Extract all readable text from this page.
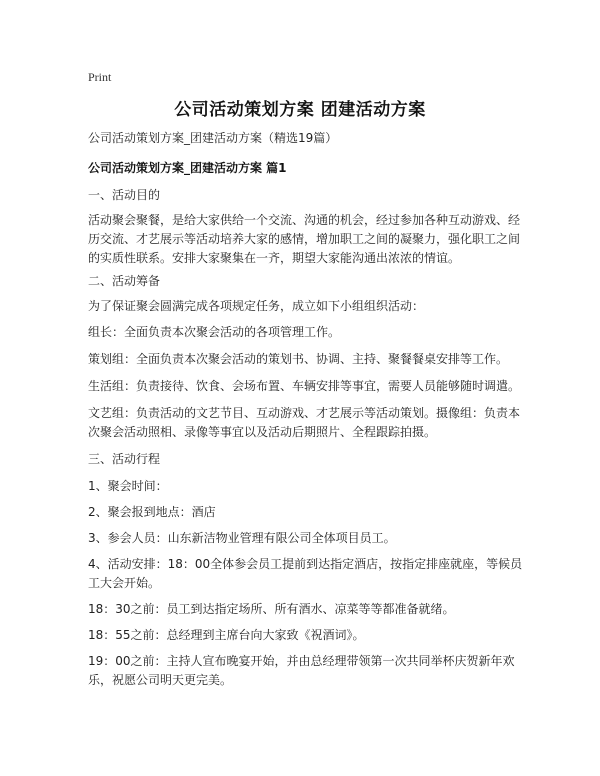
Print
公司活动策划方案 团建活动方案

公司活动策划方案_团建活动方案（精选19篇）

公司活动策划方案_团建活动方案 篇1

一、活动目的

活动聚会聚餐，是给大家供给一个交流、沟通的机会，经过参加各种互动游戏、经历交流、才艺展示等活动培养大家的感情，增加职工之间的凝聚力，强化职工之间的实质性联系。安排大家聚集在一齐，期望大家能沟通出浓浓的情谊。

二、活动筹备

为了保证聚会圆满完成各项规定任务，成立如下小组组织活动：

组长：全面负责本次聚会活动的各项管理工作。

策划组：全面负责本次聚会活动的策划书、协调、主持、聚餐餐桌安排等工作。

生活组：负责接待、饮食、会场布置、车辆安排等事宜，需要人员能够随时调遣。

文艺组：负责活动的文艺节目、互动游戏、才艺展示等活动策划。摄像组：负责本次聚会活动照相、录像等事宜以及活动后期照片、全程跟踪拍摄。

三、活动行程

1、聚会时间：

2、聚会报到地点：酒店

3、参会人员：山东新洁物业管理有限公司全体项目员工。

4、活动安排：18：00全体参会员工提前到达指定酒店，按指定排座就座，等候员工大会开始。

18：30之前：员工到达指定场所、所有酒水、凉菜等等都准备就绪。

18：55之前：总经理到主席台向大家致《祝酒词》。

19：00之前：主持人宣布晚宴开始，并由总经理带领第一次共同举杯庆贺新年欢乐，祝愿公司明天更完美。
